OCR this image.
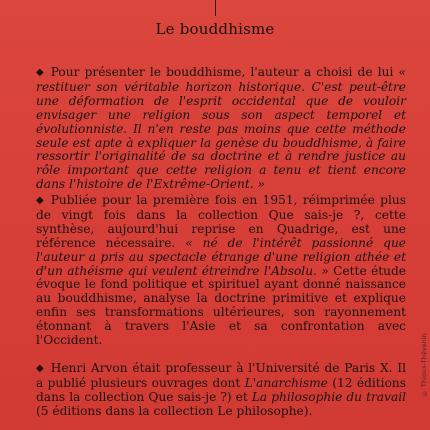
Le bouddhisme

◆ Pour présenter le bouddhisme, l'auteur a choisi de lui « restituer son véritable horizon historique. C'est peut-être une déformation de l'esprit occidental que de vouloir envisager une religion sous son aspect temporel et évolutionniste. Il n'en reste pas moins que cette méthode seule est apte à expliquer la genèse du bouddhisme, à faire ressortir l'originalité de sa doctrine et à rendre justice au rôle important que cette religion a tenu et tient encore dans l'histoire de l'Extrême-Orient. »

◆ Publiée pour la première fois en 1951, réimprimée plus de vingt fois dans la collection Que sais-je ?, cette synthèse, aujourd'hui reprise en Quadrige, est une référence nécessaire. « né de l'intérêt passionné que l'auteur a pris au spectacle étrange d'une religion athée et d'un athéisme qui veulent étreindre l'Absolu. » Cette étude évoque le fond politique et spirituel ayant donné naissance au bouddhisme, analyse la doctrine primitive et explique enfin ses transformations ultérieures, son rayonnement étonnant à travers l'Asie et sa confrontation avec l'Occident.

◆ Henri Arvon était professeur à l'Université de Paris X. Il a publié plusieurs ouvrages dont L'anarchisme (12 éditions dans la collection Que sais-je ?) et La philosophie du travail (5 éditions dans la collection Le philosophe).

© Thioux-Thévenin
